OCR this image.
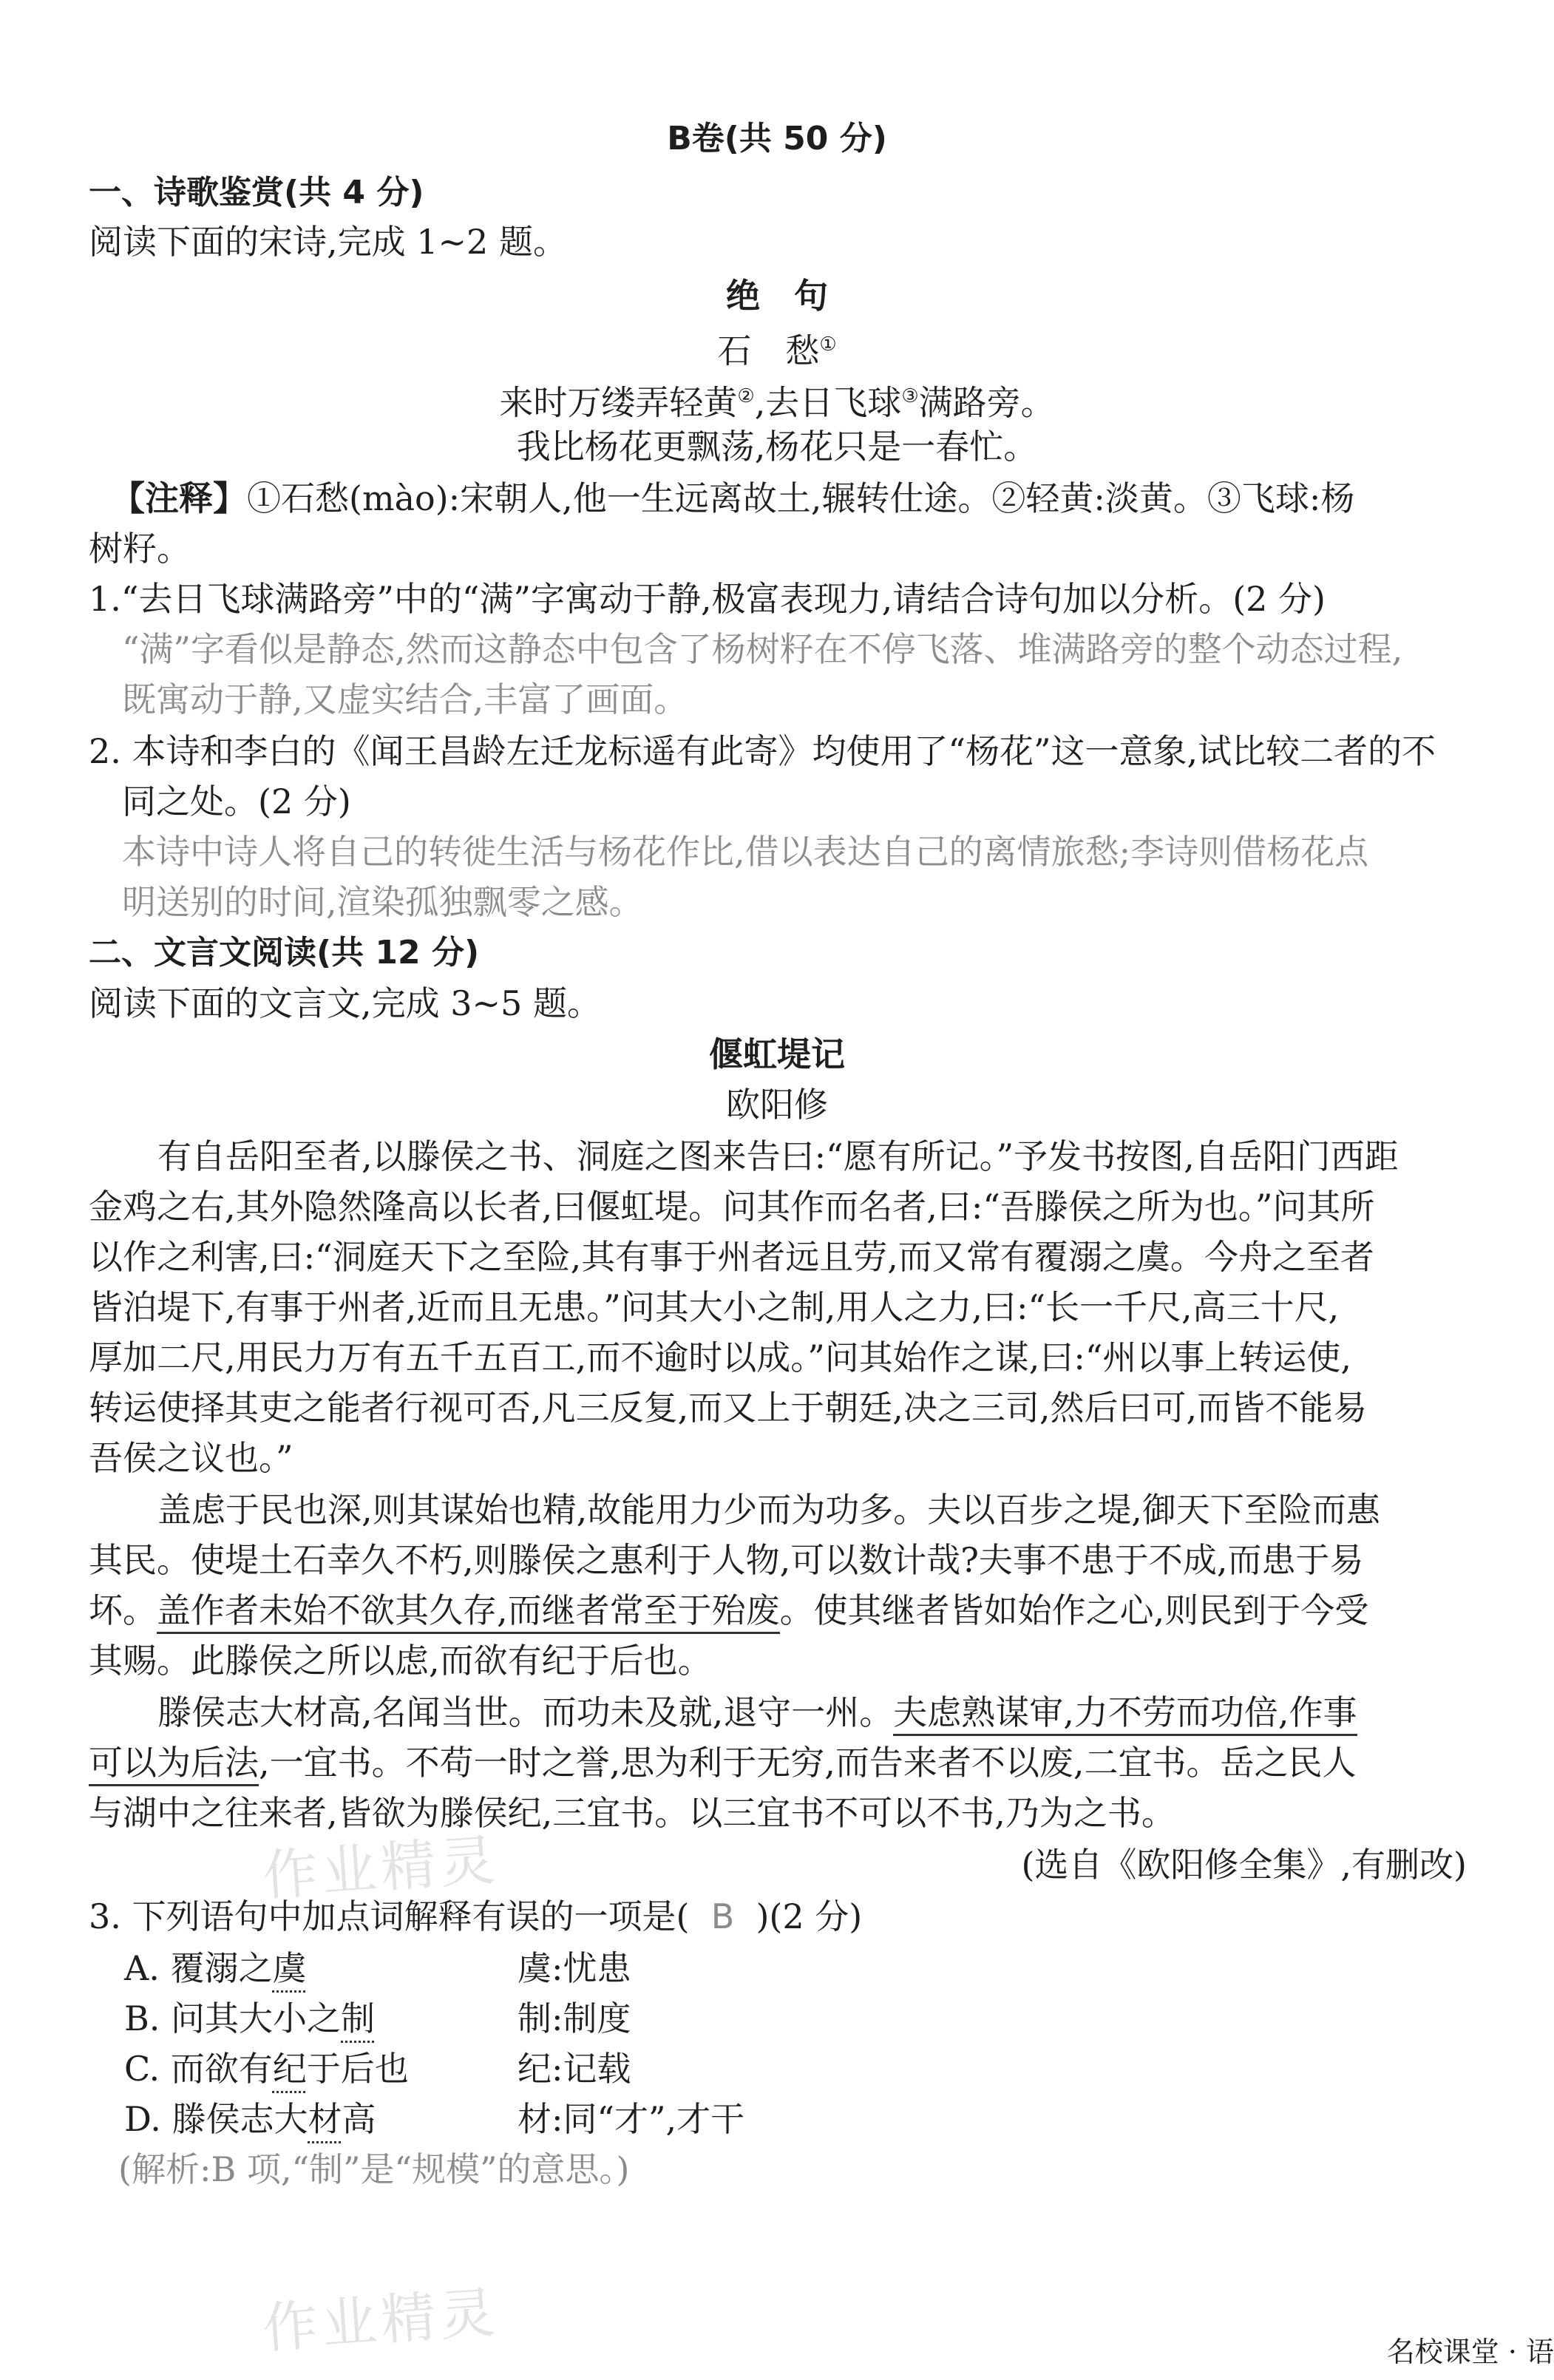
B卷(共 50 分)
一、诗歌鉴赏(共 4 分)
阅读下面的宋诗,完成 1~2 题。
绝　句
石　愁①
来时万缕弄轻黄②,去日飞球③满路旁。
我比杨花更飘荡,杨花只是一春忙。
【注释】①石愁(mào):宋朝人,他一生远离故土,辗转仕途。②轻黄:淡黄。③飞球:杨
树籽。
1.“去日飞球满路旁”中的“满”字寓动于静,极富表现力,请结合诗句加以分析。(2 分)
“满”字看似是静态,然而这静态中包含了杨树籽在不停飞落、堆满路旁的整个动态过程,
既寓动于静,又虚实结合,丰富了画面。
2. 本诗和李白的《闻王昌龄左迁龙标遥有此寄》均使用了“杨花”这一意象,试比较二者的不
同之处。(2 分)
本诗中诗人将自己的转徙生活与杨花作比,借以表达自己的离情旅愁;李诗则借杨花点
明送别的时间,渲染孤独飘零之感。
二、文言文阅读(共 12 分)
阅读下面的文言文,完成 3~5 题。
偃虹堤记
欧阳修
有自岳阳至者,以滕侯之书、洞庭之图来告曰:“愿有所记。”予发书按图,自岳阳门西距
金鸡之右,其外隐然隆高以长者,曰偃虹堤。问其作而名者,曰:“吾滕侯之所为也。”问其所
以作之利害,曰:“洞庭天下之至险,其有事于州者远且劳,而又常有覆溺之虞。今舟之至者
皆泊堤下,有事于州者,近而且无患。”问其大小之制,用人之力,曰:“长一千尺,高三十尺,
厚加二尺,用民力万有五千五百工,而不逾时以成。”问其始作之谋,曰:“州以事上转运使,
转运使择其吏之能者行视可否,凡三反复,而又上于朝廷,决之三司,然后曰可,而皆不能易
吾侯之议也。”
盖虑于民也深,则其谋始也精,故能用力少而为功多。夫以百步之堤,御天下至险而惠
其民。使堤土石幸久不朽,则滕侯之惠利于人物,可以数计哉?夫事不患于不成,而患于易
坏。盖作者未始不欲其久存,而继者常至于殆废。使其继者皆如始作之心,则民到于今受
其赐。此滕侯之所以虑,而欲有纪于后也。
滕侯志大材高,名闻当世。而功未及就,退守一州。夫虑熟谋审,力不劳而功倍,作事
可以为后法,一宜书。不苟一时之誉,思为利于无穷,而告来者不以废,二宜书。岳之民人
与湖中之往来者,皆欲为滕侯纪,三宜书。以三宜书不可以不书,乃为之书。
(选自《欧阳修全集》,有删改)
3. 下列语句中加点词解释有误的一项是( B )(2 分)
A. 覆溺之虞	虞:忧患
B. 问其大小之制	制:制度
C. 而欲有纪于后也	纪:记载
D. 滕侯志大材高	材:同“才”,才干
(解析:B 项,“制”是“规模”的意思。)
作业精灵
作业精灵	名校课堂 · 语
